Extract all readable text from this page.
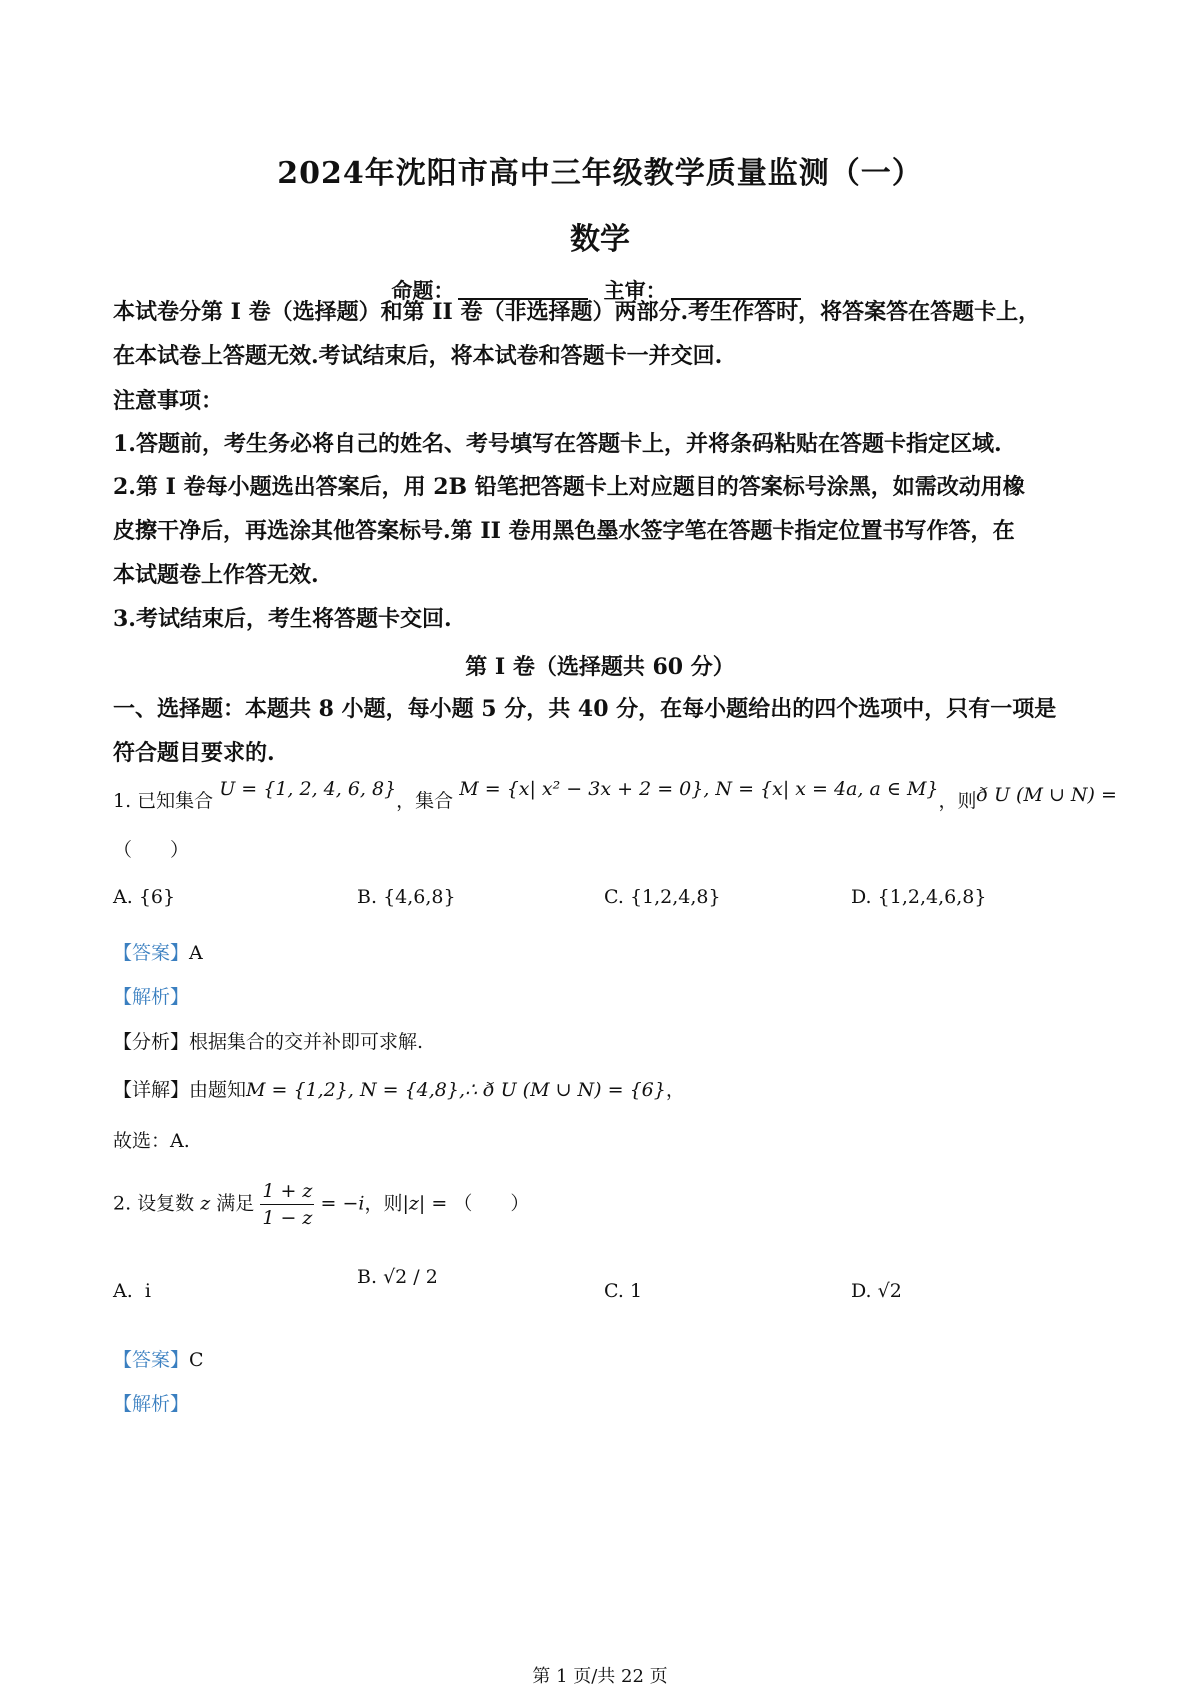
2024年沈阳市高中三年级教学质量监测（一）
数学
命题：	主审：
本试卷分第 I 卷（选择题）和第 II 卷（非选择题）两部分.考生作答时，将答案答在答题卡上，
在本试卷上答题无效.考试结束后，将本试卷和答题卡一并交回.
注意事项：
1.答题前，考生务必将自己的姓名、考号填写在答题卡上，并将条码粘贴在答题卡指定区域.
2.第 I 卷每小题选出答案后，用 2B 铅笔把答题卡上对应题目的答案标号涂黑，如需改动用橡
皮擦干净后，再选涂其他答案标号.第 II 卷用黑色墨水签字笔在答题卡指定位置书写作答，在
本试题卷上作答无效.
3.考试结束后，考生将答题卡交回.
第 I 卷（选择题共 60 分）
一、选择题：本题共 8 小题，每小题 5 分，共 40 分，在每小题给出的四个选项中，只有一项是
符合题目要求的.
1. 已知集合 U = {1, 2, 4, 6, 8}，集合 M = {x| x² − 3x + 2 = 0}, N = {x| x = 4a, a ∈ M}，则ð U (M ∪ N) =
（　　）
A. {6}	B. {4,6,8}	C. {1,2,4,8}	D. {1,2,4,6,8}
【答案】A
【解析】
【分析】根据集合的交并补即可求解.
【详解】由题知M = {1,2}, N = {4,8},∴ ð U (M ∪ N) = {6}，
故选：A.
2. 设复数 z 满足 $\frac{1 + z}{1 - z} = -i$，则|z| = （　　）
A. i
B. √2 / 2
C. 1	D. √2
【答案】C
【解析】
第 1 页/共 22 页
